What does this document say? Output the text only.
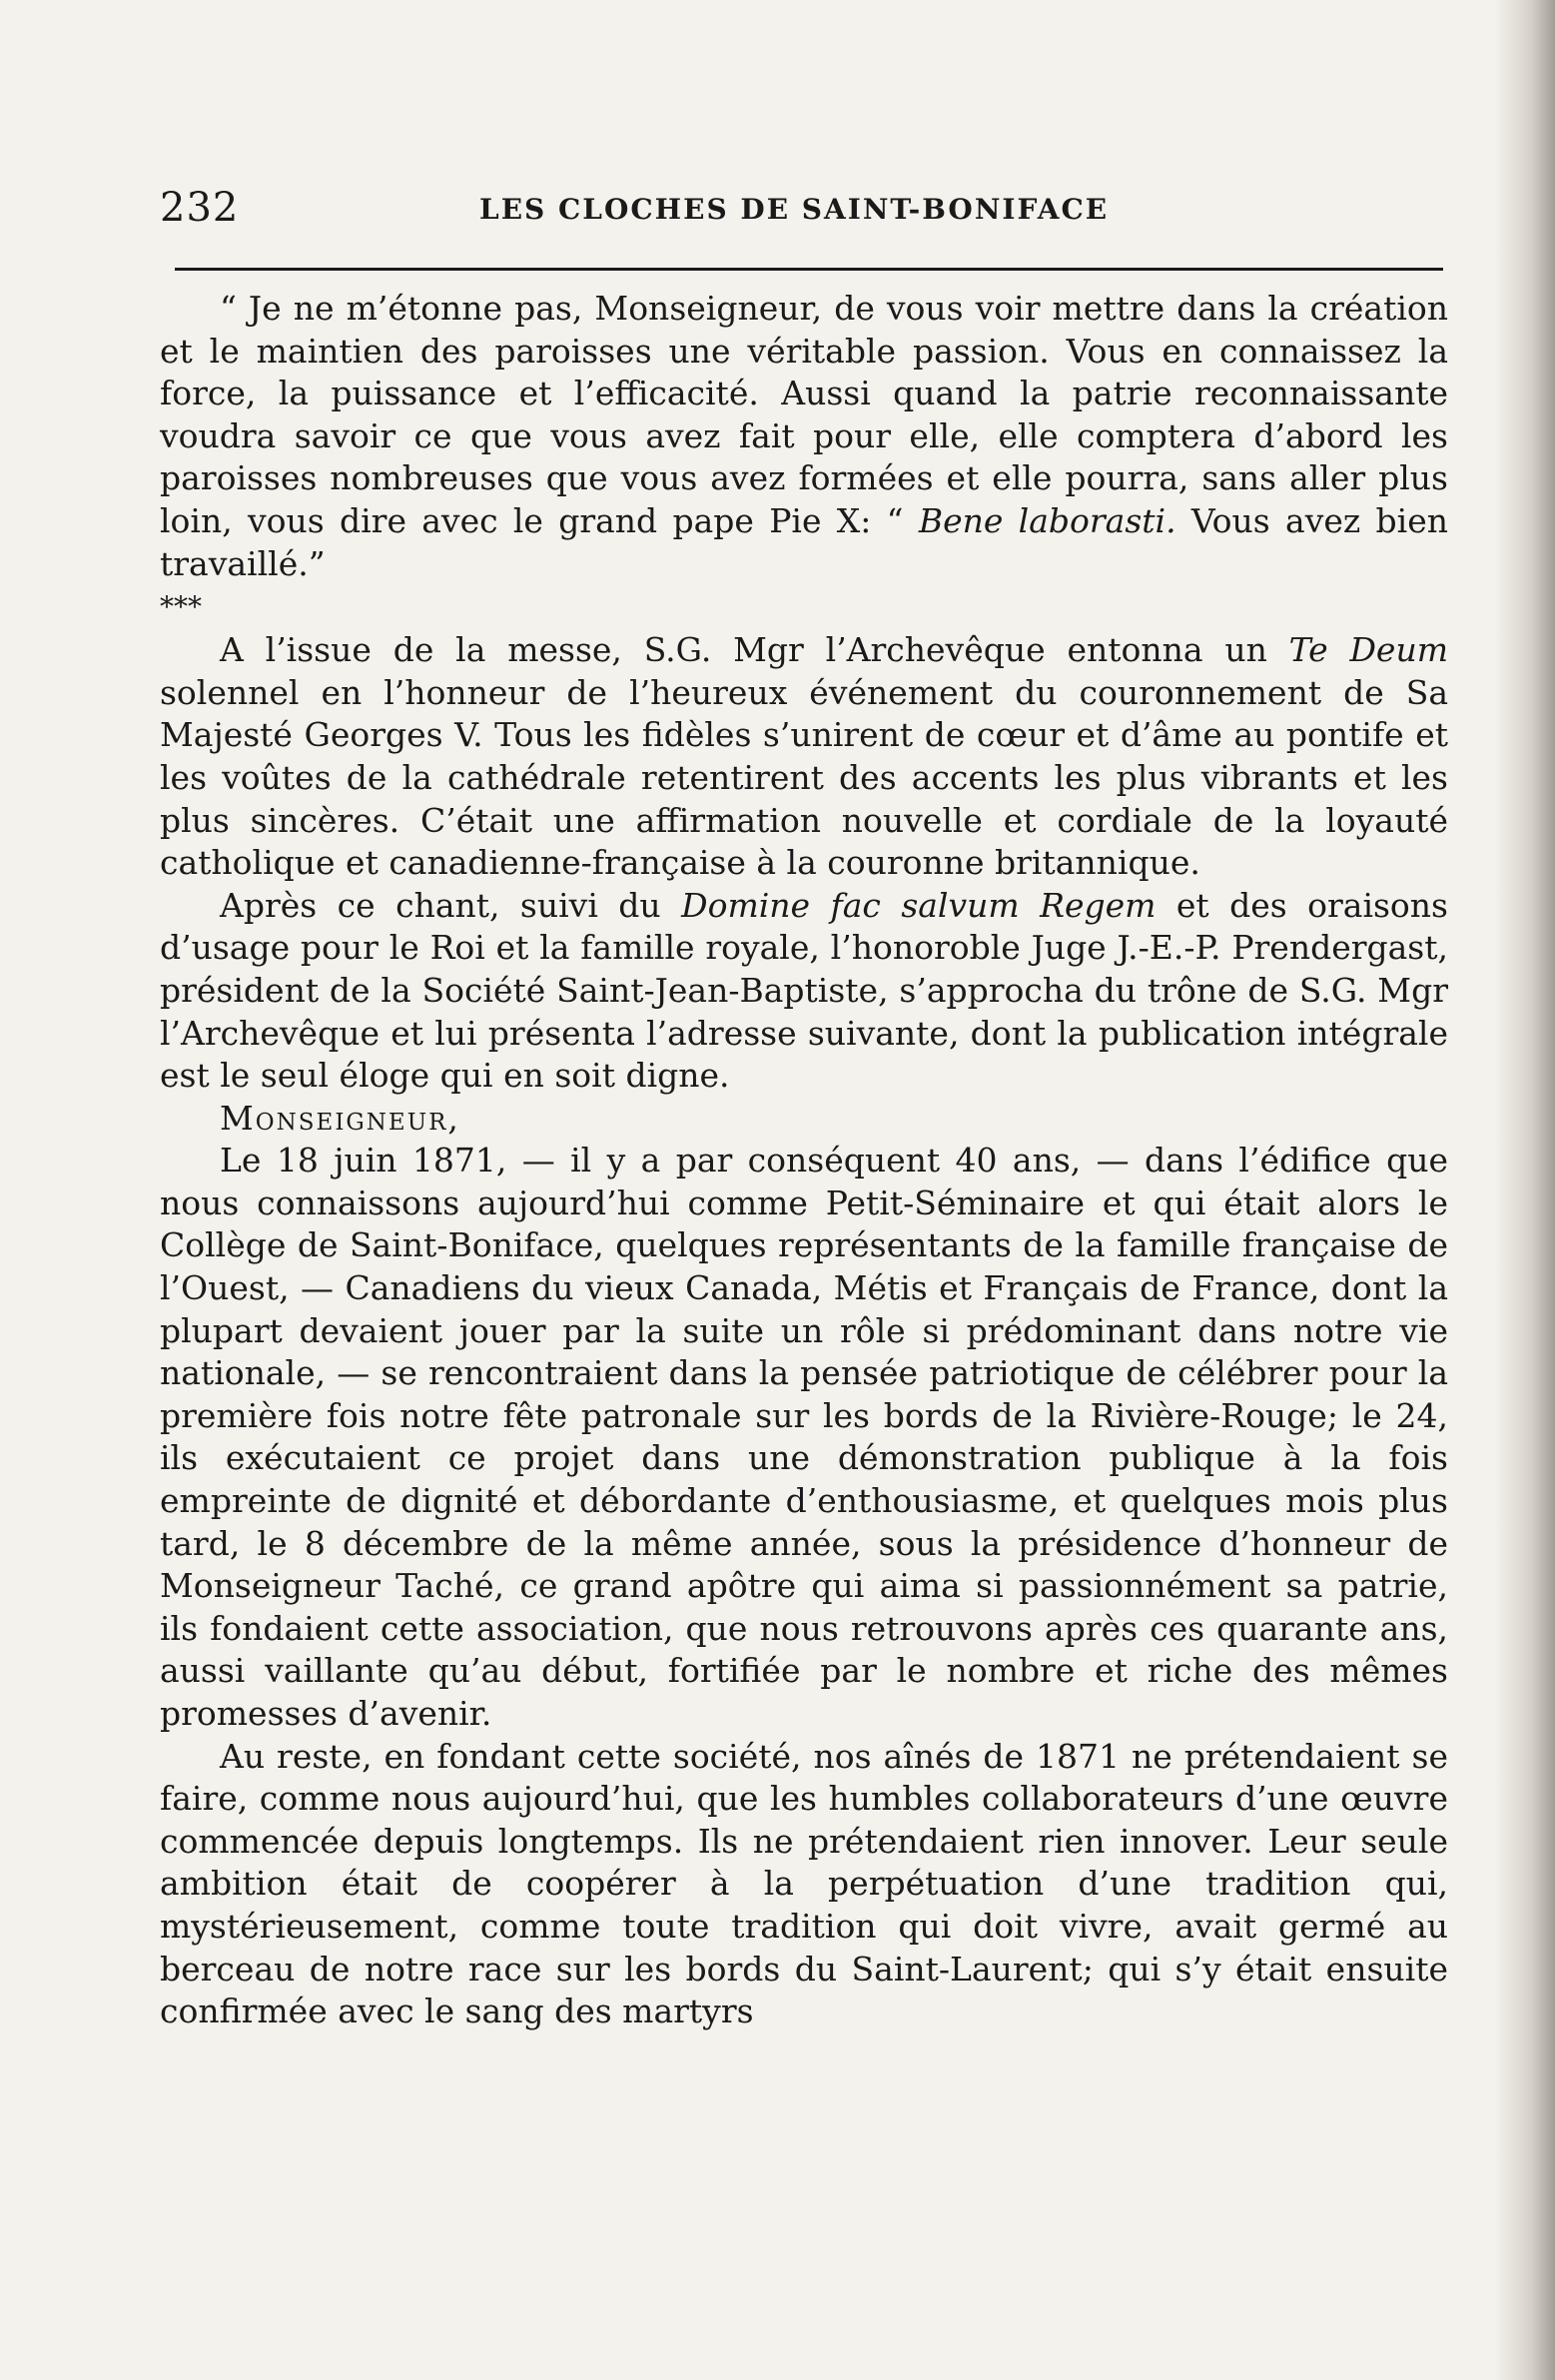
232	LES CLOCHES DE SAINT-BONIFACE

“ Je ne m’étonne pas, Monseigneur, de vous voir mettre dans la création et le maintien des paroisses une véritable passion. Vous en connaissez la force, la puissance et l’efficacité. Aussi quand la patrie reconnaissante voudra savoir ce que vous avez fait pour elle, elle comptera d’abord les paroisses nombreuses que vous avez formées et elle pourra, sans aller plus loin, vous dire avec le grand pape Pie X: “ Bene laborasti. Vous avez bien travaillé.”

***

A l’issue de la messe, S.G. Mgr l’Archevêque entonna un Te Deum solennel en l’honneur de l’heureux événement du couronnement de Sa Majesté Georges V. Tous les fidèles s’unirent de cœur et d’âme au pontife et les voûtes de la cathédrale retentirent des accents les plus vibrants et les plus sincères. C’était une affirmation nouvelle et cordiale de la loyauté catholique et canadienne-française à la couronne britannique.

Après ce chant, suivi du Domine fac salvum Regem et des oraisons d’usage pour le Roi et la famille royale, l’honoroble Juge J.-E.-P. Prendergast, président de la Société Saint-Jean-Baptiste, s’approcha du trône de S.G. Mgr l’Archevêque et lui présenta l’adresse suivante, dont la publication intégrale est le seul éloge qui en soit digne.

Monseigneur,

Le 18 juin 1871, — il y a par conséquent 40 ans, — dans l’édifice que nous connaissons aujourd’hui comme Petit-Séminaire et qui était alors le Collège de Saint-Boniface, quelques représentants de la famille française de l’Ouest, — Canadiens du vieux Canada, Métis et Français de France, dont la plupart devaient jouer par la suite un rôle si prédominant dans notre vie nationale, — se rencontraient dans la pensée patriotique de célébrer pour la première fois notre fête patronale sur les bords de la Rivière-Rouge; le 24, ils exécutaient ce projet dans une démonstration publique à la fois empreinte de dignité et débordante d’enthousiasme, et quelques mois plus tard, le 8 décembre de la même année, sous la présidence d’honneur de Monseigneur Taché, ce grand apôtre qui aima si passionnément sa patrie, ils fondaient cette association, que nous retrouvons après ces quarante ans, aussi vaillante qu’au début, fortifiée par le nombre et riche des mêmes promesses d’avenir.

Au reste, en fondant cette société, nos aînés de 1871 ne prétendaient se faire, comme nous aujourd’hui, que les humbles collaborateurs d’une œuvre commencée depuis longtemps. Ils ne prétendaient rien innover. Leur seule ambition était de coopérer à la perpétuation d’une tradition qui, mystérieusement, comme toute tradition qui doit vivre, avait germé au berceau de notre race sur les bords du Saint-Laurent; qui s’y était ensuite confirmée avec le sang des martyrs
